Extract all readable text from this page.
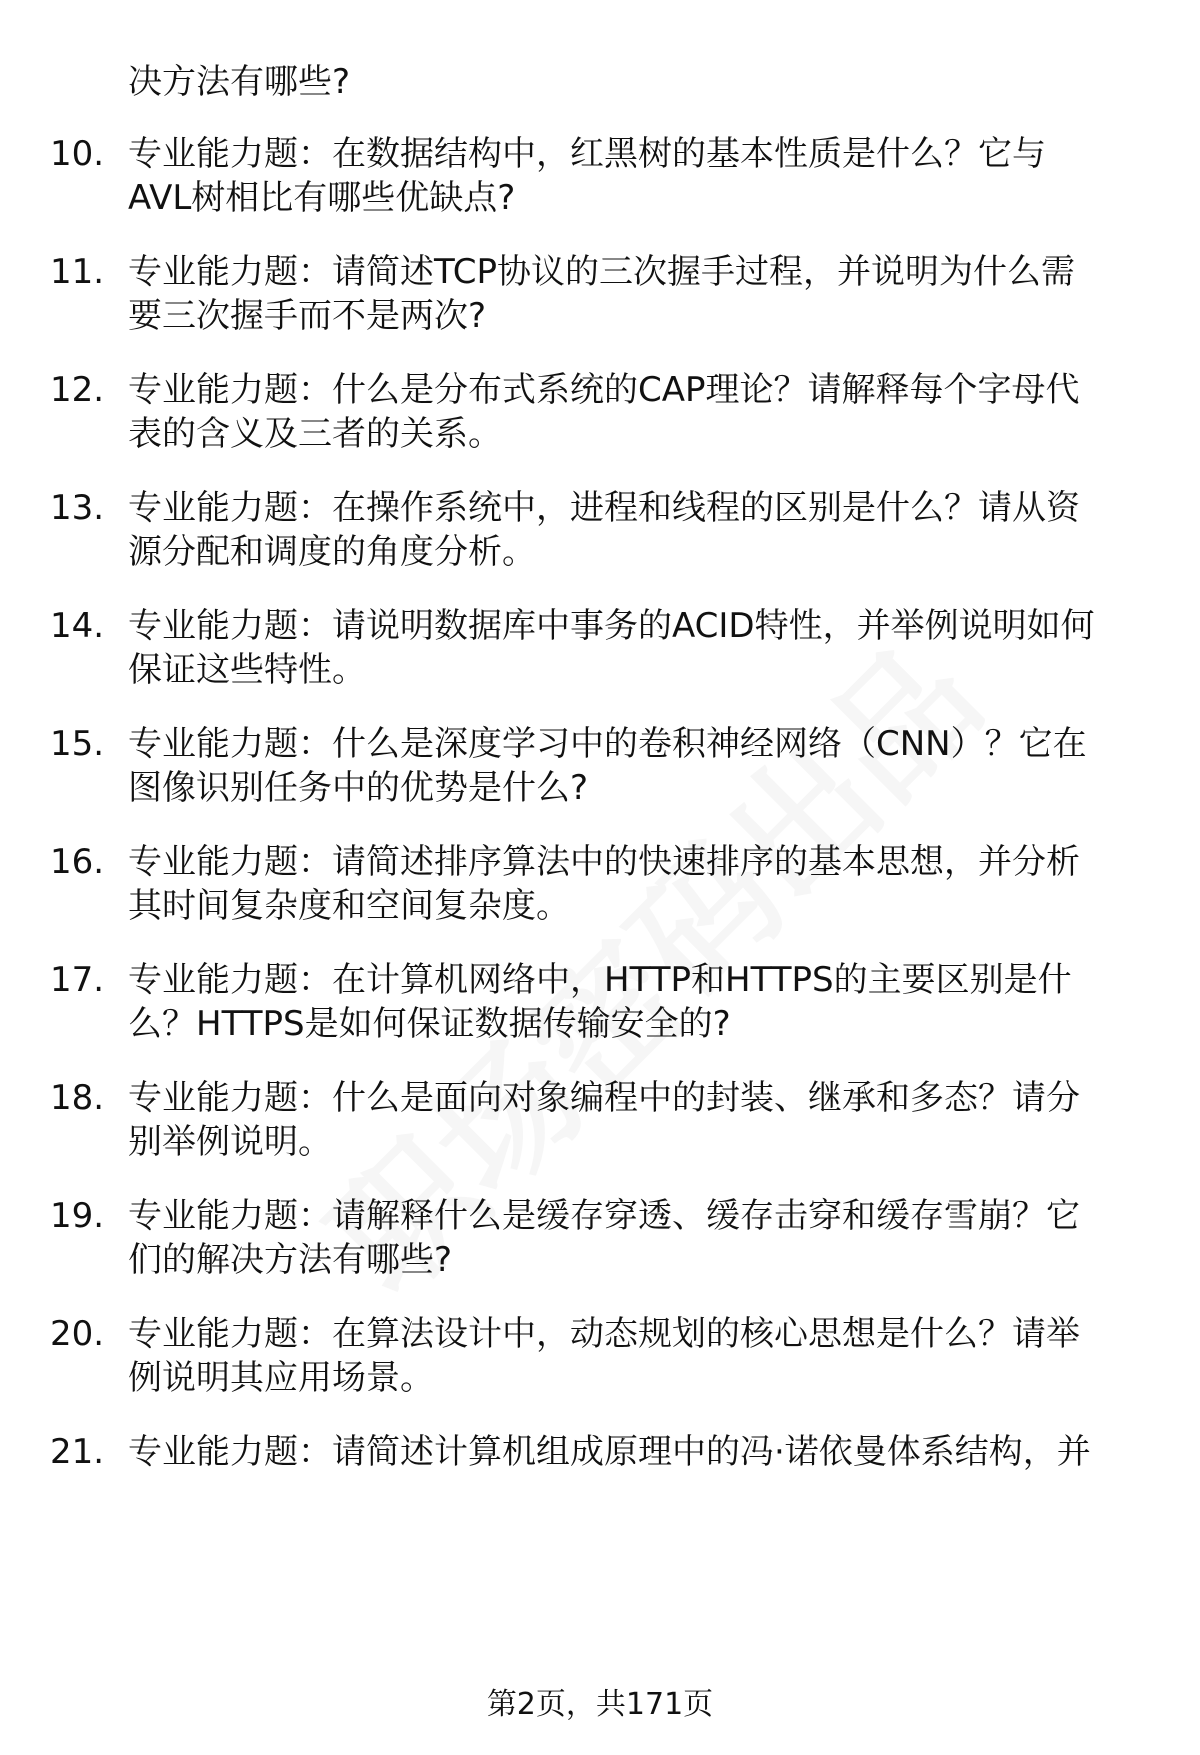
决方法有哪些?
10. 专业能力题：在数据结构中，红黑树的基本性质是什么？它与
AVL树相比有哪些优缺点?
11. 专业能力题：请简述TCP协议的三次握手过程，并说明为什么需
要三次握手而不是两次?
12. 专业能力题：什么是分布式系统的CAP理论？请解释每个字母代
表的含义及三者的关系。
13. 专业能力题：在操作系统中，进程和线程的区别是什么？请从资
源分配和调度的角度分析。
14. 专业能力题：请说明数据库中事务的ACID特性，并举例说明如何
保证这些特性。
15. 专业能力题：什么是深度学习中的卷积神经网络（CNN）？它在
图像识别任务中的优势是什么?
16. 专业能力题：请简述排序算法中的快速排序的基本思想，并分析
其时间复杂度和空间复杂度。
17. 专业能力题：在计算机网络中，HTTP和HTTPS的主要区别是什
么？HTTPS是如何保证数据传输安全的?
18. 专业能力题：什么是面向对象编程中的封装、继承和多态？请分
别举例说明。
19. 专业能力题：请解释什么是缓存穿透、缓存击穿和缓存雪崩？它
们的解决方法有哪些?
20. 专业能力题：在算法设计中，动态规划的核心思想是什么？请举
例说明其应用场景。
21. 专业能力题：请简述计算机组成原理中的冯·诺依曼体系结构，并
第2页，共171页
